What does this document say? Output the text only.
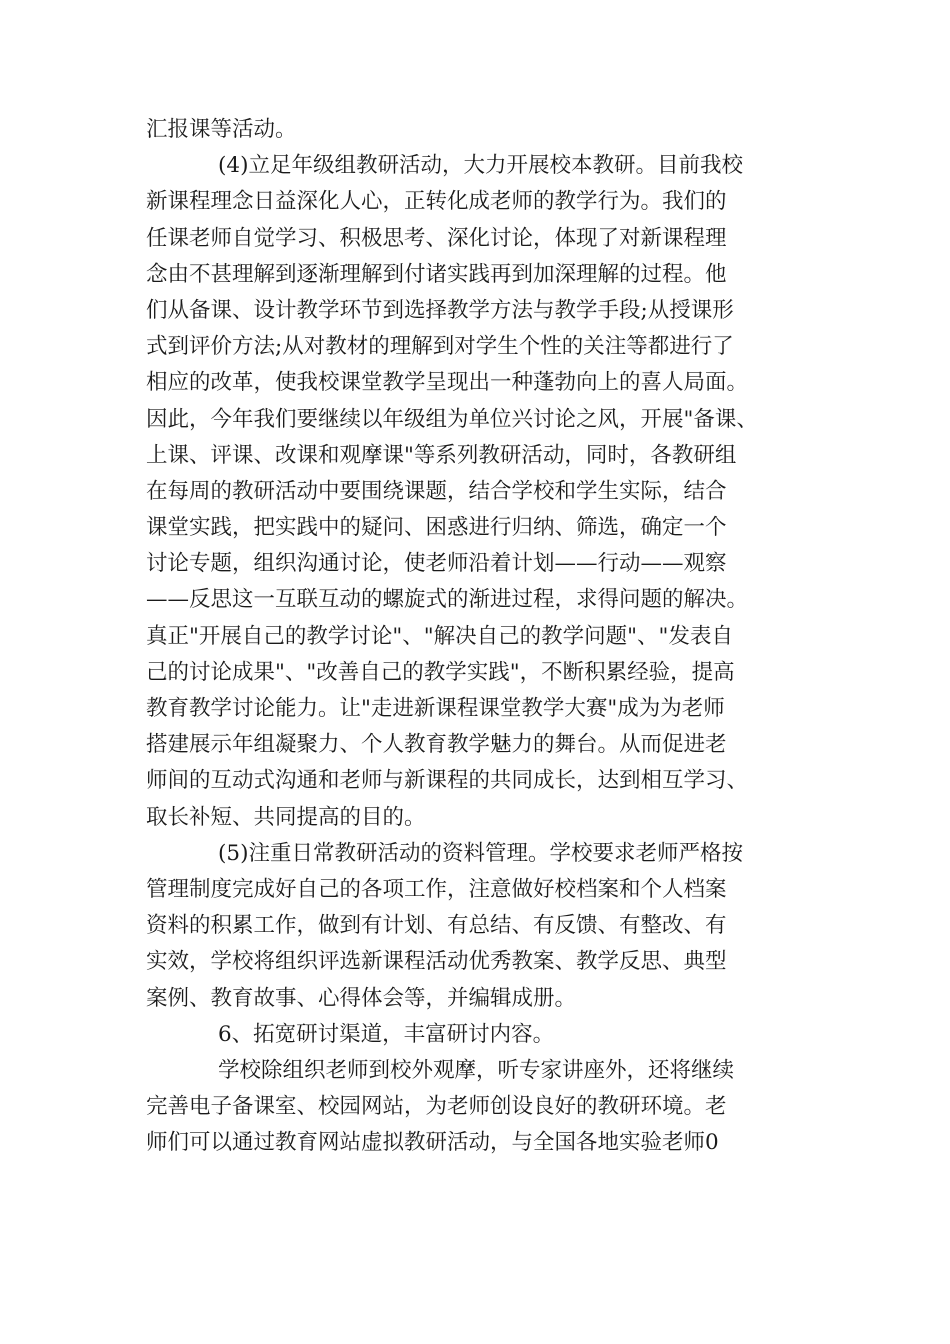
汇报课等活动。
(4)立足年级组教研活动，大力开展校本教研。目前我校
新课程理念日益深化人心，正转化成老师的教学行为。我们的
任课老师自觉学习、积极思考、深化讨论，体现了对新课程理
念由不甚理解到逐渐理解到付诸实践再到加深理解的过程。他
们从备课、设计教学环节到选择教学方法与教学手段;从授课形
式到评价方法;从对教材的理解到对学生个性的关注等都进行了
相应的改革，使我校课堂教学呈现出一种蓬勃向上的喜人局面。
因此，今年我们要继续以年级组为单位兴讨论之风，开展"备课、
上课、评课、改课和观摩课"等系列教研活动，同时，各教研组
在每周的教研活动中要围绕课题，结合学校和学生实际，结合
课堂实践，把实践中的疑问、困惑进行归纳、筛选，确定一个
讨论专题，组织沟通讨论，使老师沿着计划——行动——观察
——反思这一互联互动的螺旋式的渐进过程，求得问题的解决。
真正"开展自己的教学讨论"、"解决自己的教学问题"、"发表自
己的讨论成果"、"改善自己的教学实践"，不断积累经验，提高
教育教学讨论能力。让"走进新课程课堂教学大赛"成为为老师
搭建展示年组凝聚力、个人教育教学魅力的舞台。从而促进老
师间的互动式沟通和老师与新课程的共同成长，达到相互学习、
取长补短、共同提高的目的。
(5)注重日常教研活动的资料管理。学校要求老师严格按
管理制度完成好自己的各项工作，注意做好校档案和个人档案
资料的积累工作，做到有计划、有总结、有反馈、有整改、有
实效，学校将组织评选新课程活动优秀教案、教学反思、典型
案例、教育故事、心得体会等，并编辑成册。
6、拓宽研讨渠道，丰富研讨内容。
学校除组织老师到校外观摩，听专家讲座外，还将继续
完善电子备课室、校园网站，为老师创设良好的教研环境。老
师们可以通过教育网站虚拟教研活动，与全国各地实验老师0
